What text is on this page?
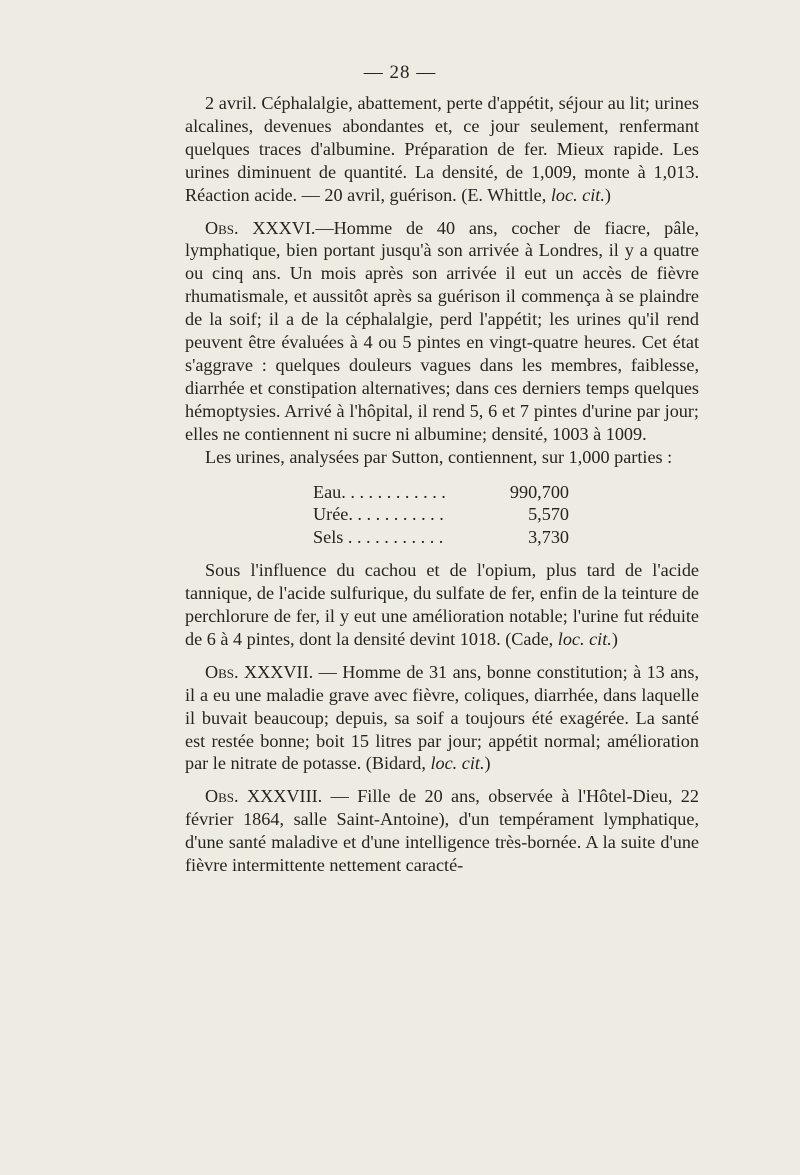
— 28 —

2 avril. Céphalalgie, abattement, perte d'appétit, séjour au lit; urines alcalines, devenues abondantes et, ce jour seulement, renfermant quelques traces d'albumine. Préparation de fer. Mieux rapide. Les urines diminuent de quantité. La densité, de 1,009, monte à 1,013. Réaction acide. — 20 avril, guérison. (E. Whittle, loc. cit.)

Obs. XXXVI.—Homme de 40 ans, cocher de fiacre, pâle, lymphatique, bien portant jusqu'à son arrivée à Londres, il y a quatre ou cinq ans. Un mois après son arrivée il eut un accès de fièvre rhumatismale, et aussitôt après sa guérison il commença à se plaindre de la soif; il a de la céphalalgie, perd l'appétit; les urines qu'il rend peuvent être évaluées à 4 ou 5 pintes en vingt-quatre heures. Cet état s'aggrave : quelques douleurs vagues dans les membres, faiblesse, diarrhée et constipation alternatives; dans ces derniers temps quelques hémoptysies. Arrivé à l'hôpital, il rend 5, 6 et 7 pintes d'urine par jour; elles ne contiennent ni sucre ni albumine; densité, 1003 à 1009.

Les urines, analysées par Sutton, contiennent, sur 1,000 parties :

Eau. . . . . . . . . . . .	990,700
Urée. . . . . . . . . . .	5,570
Sels . . . . . . . . . . .	3,730

Sous l'influence du cachou et de l'opium, plus tard de l'acide tannique, de l'acide sulfurique, du sulfate de fer, enfin de la teinture de perchlorure de fer, il y eut une amélioration notable; l'urine fut réduite de 6 à 4 pintes, dont la densité devint 1018. (Cade, loc. cit.)

Obs. XXXVII. — Homme de 31 ans, bonne constitution; à 13 ans, il a eu une maladie grave avec fièvre, coliques, diarrhée, dans laquelle il buvait beaucoup; depuis, sa soif a toujours été exagérée. La santé est restée bonne; boit 15 litres par jour; appétit normal; amélioration par le nitrate de potasse. (Bidard, loc. cit.)

Obs. XXXVIII. — Fille de 20 ans, observée à l'Hôtel-Dieu, 22 février 1864, salle Saint-Antoine), d'un tempérament lymphatique, d'une santé maladive et d'une intelligence très-bornée. A la suite d'une fièvre intermittente nettement caracté-
